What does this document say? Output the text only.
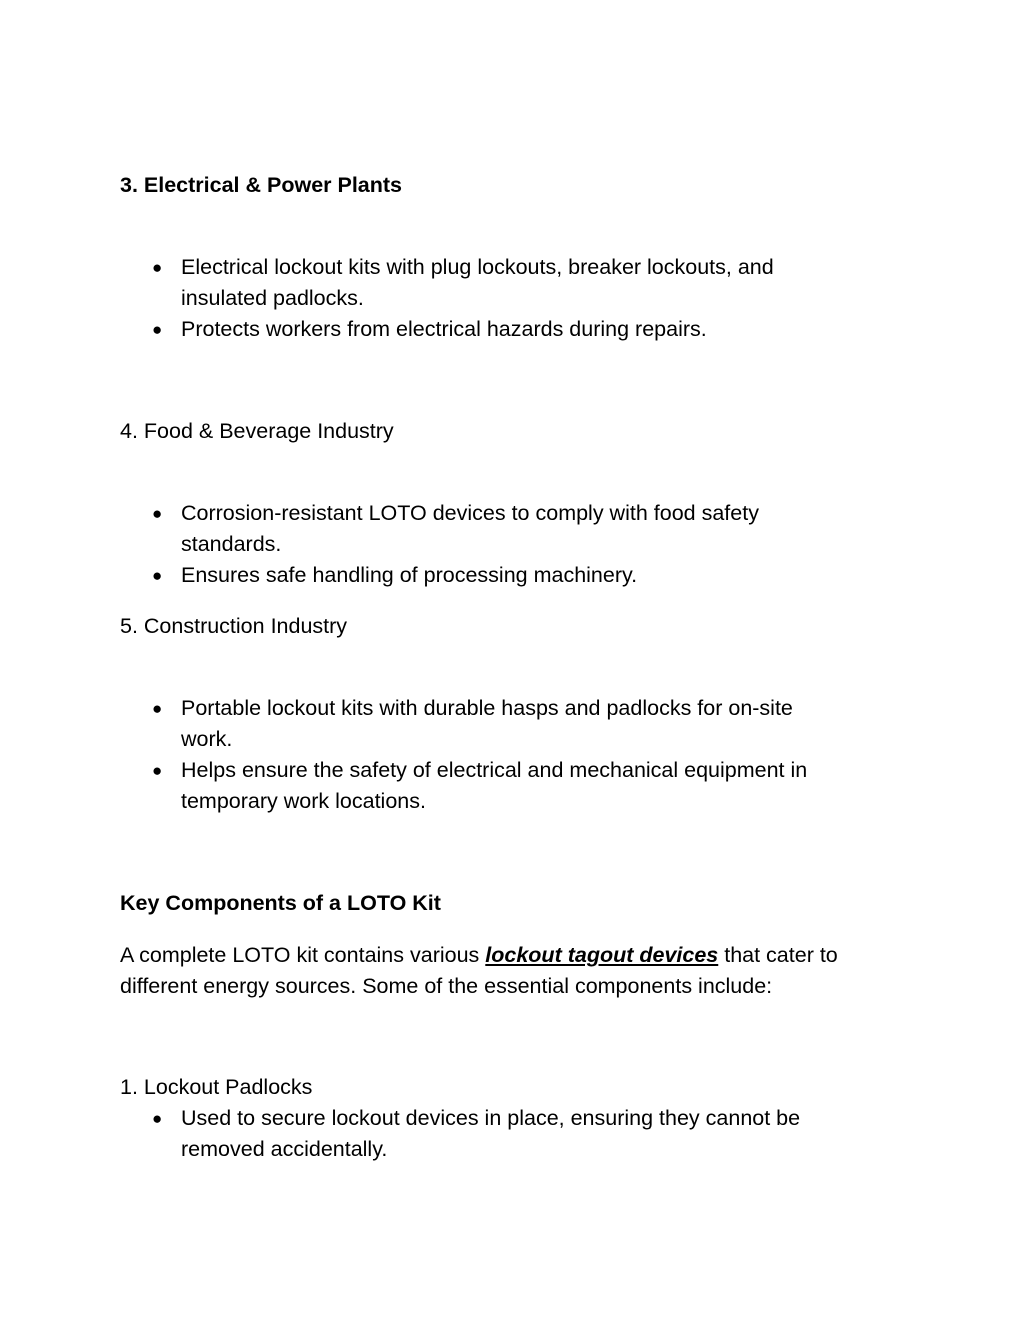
3. Electrical & Power Plants

● Electrical lockout kits with plug lockouts, breaker lockouts, and
insulated padlocks.
● Protects workers from electrical hazards during repairs.

4. Food & Beverage Industry

● Corrosion-resistant LOTO devices to comply with food safety
standards.
● Ensures safe handling of processing machinery.

5. Construction Industry

● Portable lockout kits with durable hasps and padlocks for on-site
work.
● Helps ensure the safety of electrical and mechanical equipment in
temporary work locations.

Key Components of a LOTO Kit

A complete LOTO kit contains various lockout tagout devices that cater to
different energy sources. Some of the essential components include:

1. Lockout Padlocks

● Used to secure lockout devices in place, ensuring they cannot be
removed accidentally.
